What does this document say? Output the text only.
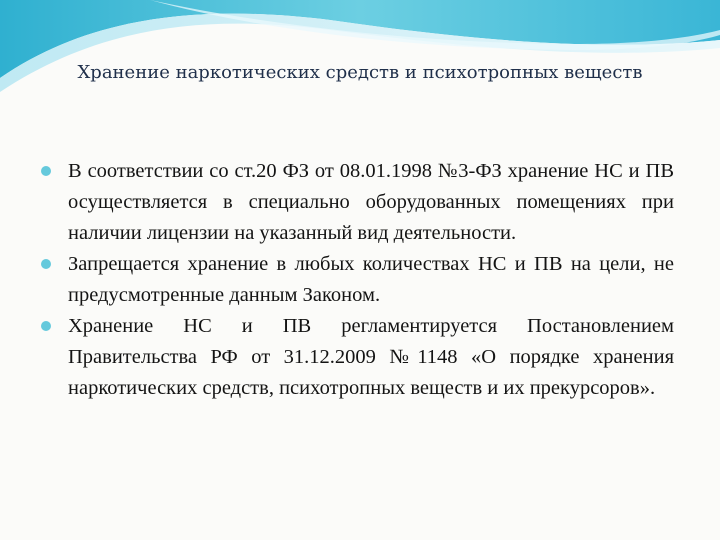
Хранение наркотических средств и психотропных веществ
В соответствии со ст.20 ФЗ от 08.01.1998 №3-ФЗ хранение НС и ПВ осуществляется в специально оборудованных помещениях при наличии лицензии на указанный вид деятельности.
Запрещается хранение в любых количествах НС и ПВ на цели, не предусмотренные данным Законом.
Хранение НС и ПВ регламентируется Постановлением Правительства РФ от 31.12.2009 №1148 «О порядке хранения наркотических средств, психотропных веществ и их прекурсоров».
